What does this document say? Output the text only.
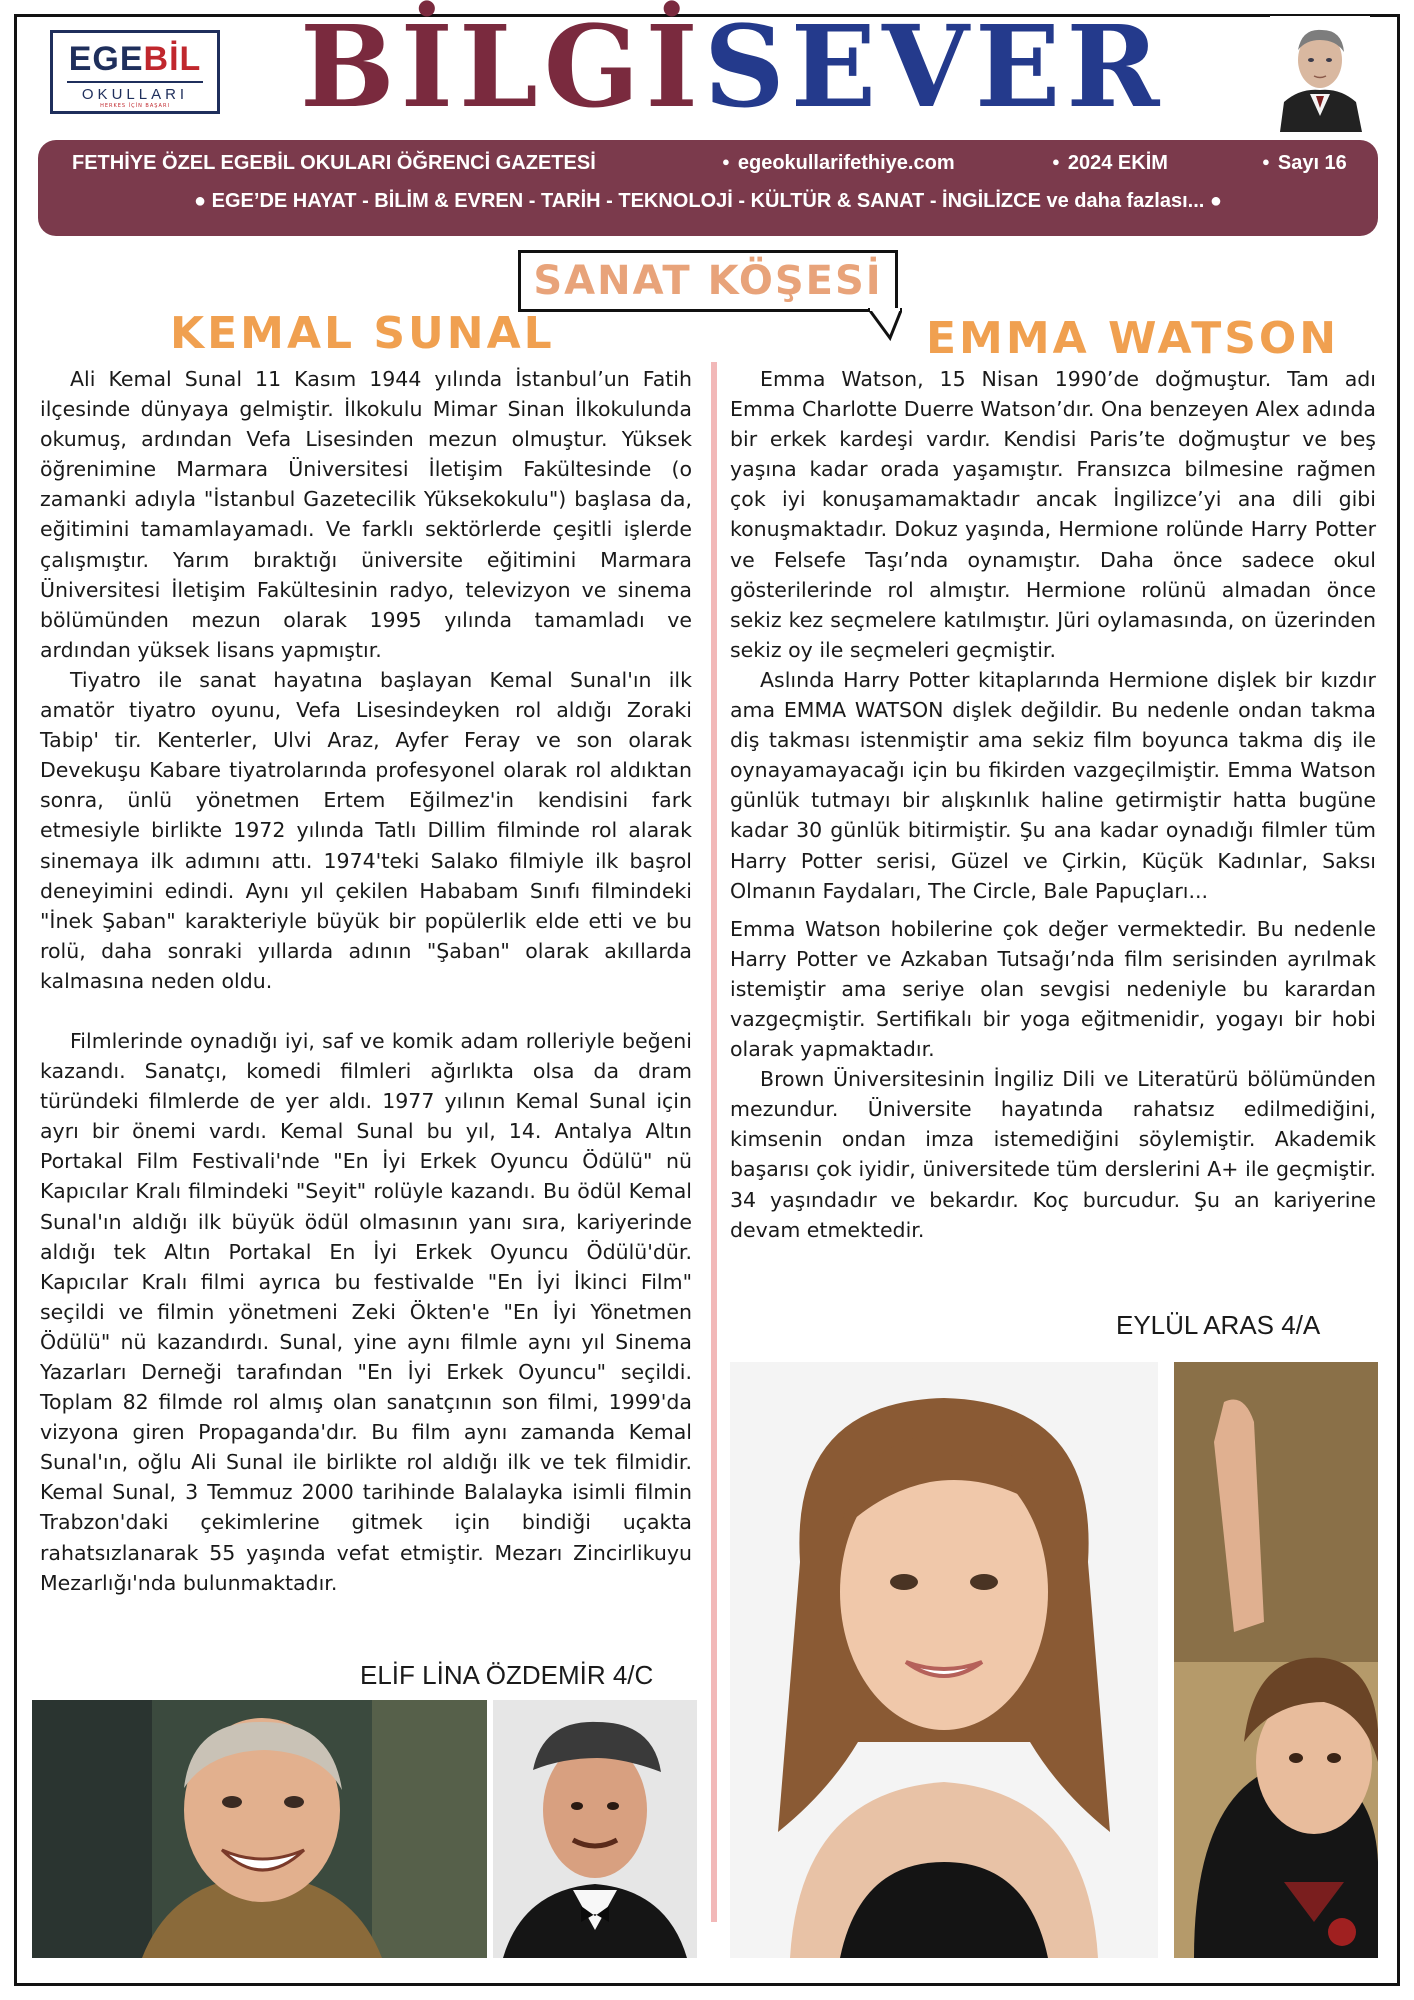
EGEBİL
OKULLARI
HERKES İÇİN BAŞARI	BİLGİSEVER
FETHİYE ÖZEL EGEBİL OKULARI ÖĞRENCİ GAZETESİ	● egeokullarifethiye.com	● 2024 EKİM	● Sayı 16
● EGE’DE HAYAT - BİLİM & EVREN - TARİH - TEKNOLOJİ - KÜLTÜR & SANAT - İNGİLİZCE ve daha fazlası... ●
SANAT KÖŞESİ
KEMAL SUNAL	EMMA WATSON

Ali Kemal Sunal 11 Kasım 1944 yılında İstanbul’un Fatih ilçesinde dünyaya gelmiştir. İlkokulu Mimar Sinan İlkokulunda okumuş, ardından Vefa Lisesinden mezun olmuştur. Yüksek öğrenimine Marmara Üniversitesi İletişim Fakültesinde (o zamanki adıyla "İstanbul Gazetecilik Yüksekokulu") başlasa da, eğitimini tamamlayamadı. Ve farklı sektörlerde çeşitli işlerde çalışmıştır. Yarım bıraktığı üniversite eğitimini Marmara Üniversitesi İletişim Fakültesinin radyo, televizyon ve sinema bölümünden mezun olarak 1995 yılında tamamladı ve ardından yüksek lisans yapmıştır.

Tiyatro ile sanat hayatına başlayan Kemal Sunal'ın ilk amatör tiyatro oyunu, Vefa Lisesindeyken rol aldığı Zoraki Tabip' tir. Kenterler, Ulvi Araz, Ayfer Feray ve son olarak Devekuşu Kabare tiyatrolarında profesyonel olarak rol aldıktan sonra, ünlü yönetmen Ertem Eğilmez'in kendisini fark etmesiyle birlikte 1972 yılında Tatlı Dillim filminde rol alarak sinemaya ilk adımını attı. 1974'teki Salako filmiyle ilk başrol deneyimini edindi. Aynı yıl çekilen Hababam Sınıfı filmindeki "İnek Şaban" karakteriyle büyük bir popülerlik elde etti ve bu rolü, daha sonraki yıllarda adının "Şaban" olarak akıllarda kalmasına neden oldu.

Filmlerinde oynadığı iyi, saf ve komik adam rolleriyle beğeni kazandı. Sanatçı, komedi filmleri ağırlıkta olsa da dram türündeki filmlerde de yer aldı. 1977 yılının Kemal Sunal için ayrı bir önemi vardı. Kemal Sunal bu yıl, 14. Antalya Altın Portakal Film Festivali'nde "En İyi Erkek Oyuncu Ödülü" nü Kapıcılar Kralı filmindeki "Seyit" rolüyle kazandı. Bu ödül Kemal Sunal'ın aldığı ilk büyük ödül olmasının yanı sıra, kariyerinde aldığı tek Altın Portakal En İyi Erkek Oyuncu Ödülü'dür. Kapıcılar Kralı filmi ayrıca bu festivalde "En İyi İkinci Film" seçildi ve filmin yönetmeni Zeki Ökten'e "En İyi Yönetmen Ödülü" nü kazandırdı. Sunal, yine aynı filmle aynı yıl Sinema Yazarları Derneği tarafından "En İyi Erkek Oyuncu" seçildi. Toplam 82 filmde rol almış olan sanatçının son filmi, 1999'da vizyona giren Propaganda'dır. Bu film aynı zamanda Kemal Sunal'ın, oğlu Ali Sunal ile birlikte rol aldığı ilk ve tek filmidir. Kemal Sunal, 3 Temmuz 2000 tarihinde Balalayka isimli filmin Trabzon'daki çekimlerine gitmek için bindiği uçakta rahatsızlanarak 55 yaşında vefat etmiştir. Mezarı Zincirlikuyu Mezarlığı'nda bulunmaktadır.

ELİF LİNA ÖZDEMİR 4/C

Emma Watson, 15 Nisan 1990’de doğmuştur. Tam adı Emma Charlotte Duerre Watson’dır. Ona benzeyen Alex adında bir erkek kardeşi vardır. Kendisi Paris’te doğmuştur ve beş yaşına kadar orada yaşamıştır. Fransızca bilmesine rağmen çok iyi konuşamamaktadır ancak İngilizce’yi ana dili gibi konuşmaktadır. Dokuz yaşında, Hermione rolünde Harry Potter ve Felsefe Taşı’nda oynamıştır. Daha önce sadece okul gösterilerinde rol almıştır. Hermione rolünü almadan önce sekiz kez seçmelere katılmıştır. Jüri oylamasında, on üzerinden sekiz oy ile seçmeleri geçmiştir.

Aslında Harry Potter kitaplarında Hermione dişlek bir kızdır ama EMMA WATSON dişlek değildir. Bu nedenle ondan takma diş takması istenmiştir ama sekiz film boyunca takma diş ile oynayamayacağı için bu fikirden vazgeçilmiştir. Emma Watson günlük tutmayı bir alışkınlık haline getirmiştir hatta bugüne kadar 30 günlük bitirmiştir. Şu ana kadar oynadığı filmler tüm Harry Potter serisi, Güzel ve Çirkin, Küçük Kadınlar, Saksı Olmanın Faydaları, The Circle, Bale Papuçları...

Emma Watson hobilerine çok değer vermektedir. Bu nedenle Harry Potter ve Azkaban Tutsağı’nda film serisinden ayrılmak istemiştir ama seriye olan sevgisi nedeniyle bu karardan vazgeçmiştir. Sertifikalı bir yoga eğitmenidir, yogayı bir hobi olarak yapmaktadır.

Brown Üniversitesinin İngiliz Dili ve Literatürü bölümünden mezundur. Üniversite hayatında rahatsız edilmediğini, kimsenin ondan imza istemediğini söylemiştir. Akademik başarısı çok iyidir, üniversitede tüm derslerini A+ ile geçmiştir. 34 yaşındadır ve bekardır. Koç burcudur. Şu an kariyerine devam etmektedir.

EYLÜL ARAS 4/A
